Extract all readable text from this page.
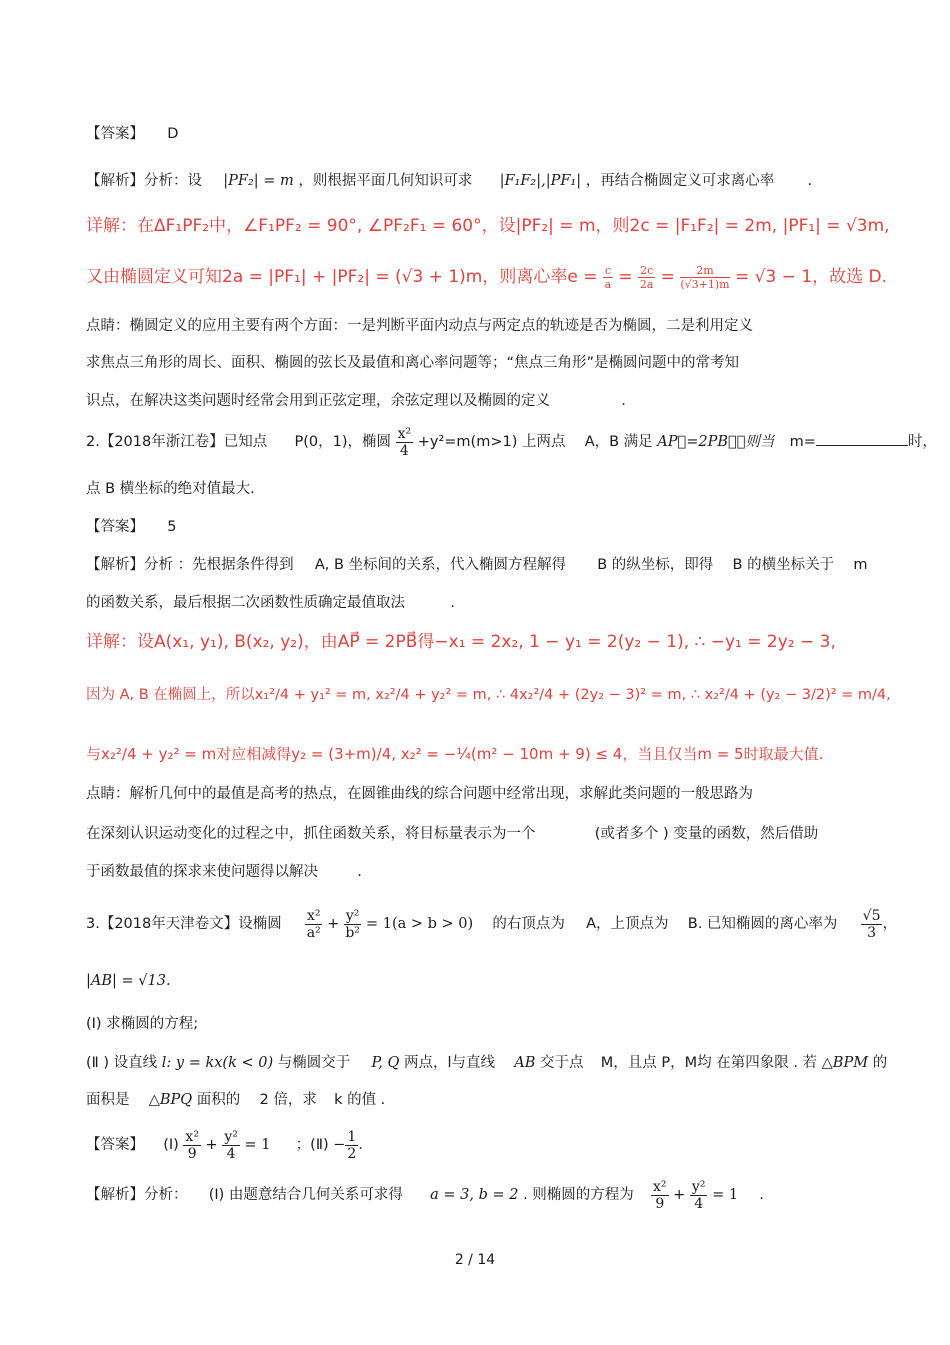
【答案】 D
【解析】分析：设 |PF₂| = m ，则根据平面几何知识可求 |F₁F₂|,|PF₁| ，再结合椭圆定义可求离心率 .
详解：在ΔF₁PF₂中，∠F₁PF₂ = 90°, ∠PF₂F₁ = 60°，设|PF₂| = m，则2c = |F₁F₂| = 2m, |PF₁| = √3m,
又由椭圆定义可知2a = |PF₁| + |PF₂| = (√3 + 1)m，则离心率$e = \frac{c}{a} = \frac{2c}{2a} = \frac{2m}{(√3+1)m} = √3 - 1$，故选 D.
点睛：椭圆定义的应用主要有两个方面：一是判断平面内动点与两定点的轨迹是否为椭圆，二是利用定义
求焦点三角形的周长、面积、椭圆的弦长及最值和离心率问题等；“焦点三角形”是椭圆问题中的常考知
识点，在解决这类问题时经常会用到正弦定理，余弦定理以及椭圆的定义	.
2.【2018年浙江卷】已知点 P(0，1)，椭圆 $\frac{\text{x²}}{4} +y^2=m(m>1)$ 上两点 A，B 满足 AP⃗=2PB⃗，则当 m=	时，
点 B 横坐标的绝对值最大.
【答案】 5
【解析】分析 ：先根据条件得到 A, B 坐标间的关系，代入椭圆方程解得 B 的纵坐标，即得 B 的横坐标关于 m
的函数关系，最后根据二次函数性质确定最值取法	.
详解：设A(x₁, y₁), B(x₂, y₂)，由AP⃗ = 2PB⃗得−x₁ = 2x₂, 1 − y₁ = 2(y₂ − 1), ∴ −y₁ = 2y₂ − 3,
因为 A, B 在椭圆上，所以x₁²/4 + y₁² = m, x₂²/4 + y₂² = m, ∴ 4x₂²/4 + (2y₂ − 3)² = m, ∴ x₂²/4 + (y₂ − 3/2)² = m/4,
与x₂²/4 + y₂² = m对应相减得y₂ = (3+m)/4, x₂² = −¼(m² − 10m + 9) ≤ 4，当且仅当m = 5时取最大值.
点睛：解析几何中的最值是高考的热点，在圆锥曲线的综合问题中经常出现，求解此类问题的一般思路为
在深刻认识运动变化的过程之中，抓住函数关系，将目标量表示为一个	(或者多个 ) 变量的函数，然后借助
于函数最值的探求来使问题得以解决	.
3.【2018年天津卷文】设椭圆 $\frac{\text{x²}}{\text{a²}} + \frac{\text{y²}}{\text{b²}} = 1(a > b > 0)$ 的右顶点为 A，上顶点为 B. 已知椭圆的离心率为 $\frac{√5}{3}$ ，
|AB| = √13.
(Ⅰ) 求椭圆的方程;
(Ⅱ ) 设直线 l: y = kx(k < 0) 与椭圆交于 P, Q 两点，l与直线 AB 交于点 M，且点 P，M均 在第四象限 . 若 △BPM 的
面积是 △BPQ 面积的 2 倍，求 k 的值 .
【答案】 (Ⅰ) $\frac{\text{x²}}{9} + \frac{\text{y²}}{4} = 1$ ；(Ⅱ) − $\frac{1}{2}$ .
【解析】分析： (Ⅰ) 由题意结合几何关系可求得 a = 3, b = 2 . 则椭圆的方程为 $\frac{\text{x²}}{9} + \frac{\text{y²}}{4} = 1$ .
2 / 14
